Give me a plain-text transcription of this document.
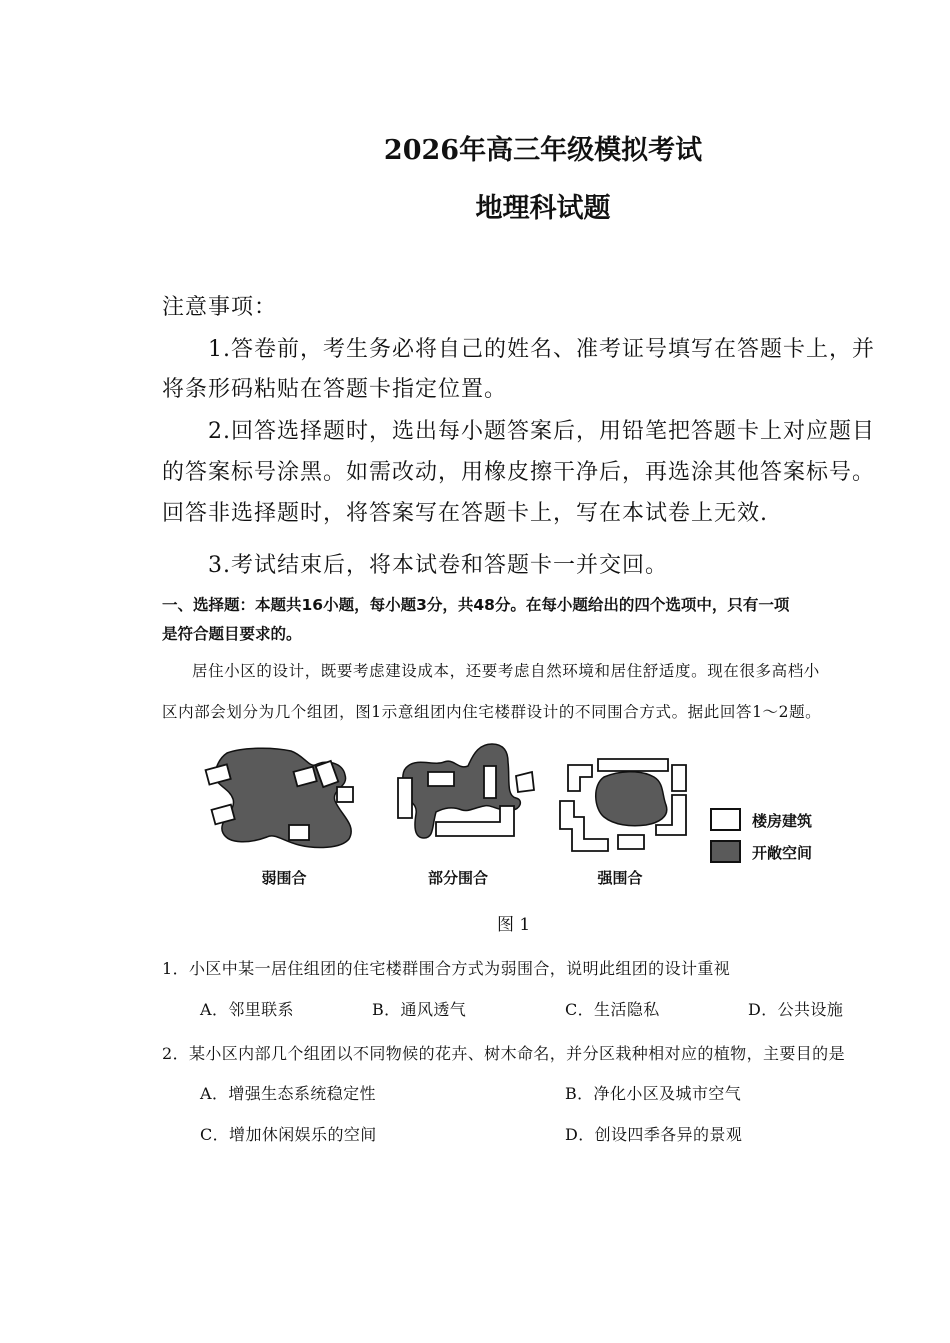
2026年高三年级模拟考试
地理科试题
注意事项：
1.答卷前，考生务必将自己的姓名、准考证号填写在答题卡上，并
将条形码粘贴在答题卡指定位置。
2.回答选择题时，选出每小题答案后，用铅笔把答题卡上对应题目
的答案标号涂黑。如需改动，用橡皮擦干净后，再选涂其他答案标号。
回答非选择题时，将答案写在答题卡上，写在本试卷上无效.
3.考试结束后，将本试卷和答题卡一并交回。
一、选择题：本题共16小题，每小题3分，共48分。在每小题给出的四个选项中，只有一项
是符合题目要求的。
居住小区的设计，既要考虑建设成本，还要考虑自然环境和居住舒适度。现在很多高档小
区内部会划分为几个组团，图1示意组团内住宅楼群设计的不同围合方式。据此回答1～2题。
弱围合	部分围合	强围合
楼房建筑
开敞空间
图 1
1．小区中某一居住组团的住宅楼群围合方式为弱围合，说明此组团的设计重视
A．邻里联系	B．通风透气	C．生活隐私	D．公共设施
2．某小区内部几个组团以不同物候的花卉、树木命名，并分区栽种相对应的植物，主要目的是
A．增强生态系统稳定性	B．净化小区及城市空气
C．增加休闲娱乐的空间	D．创设四季各异的景观
